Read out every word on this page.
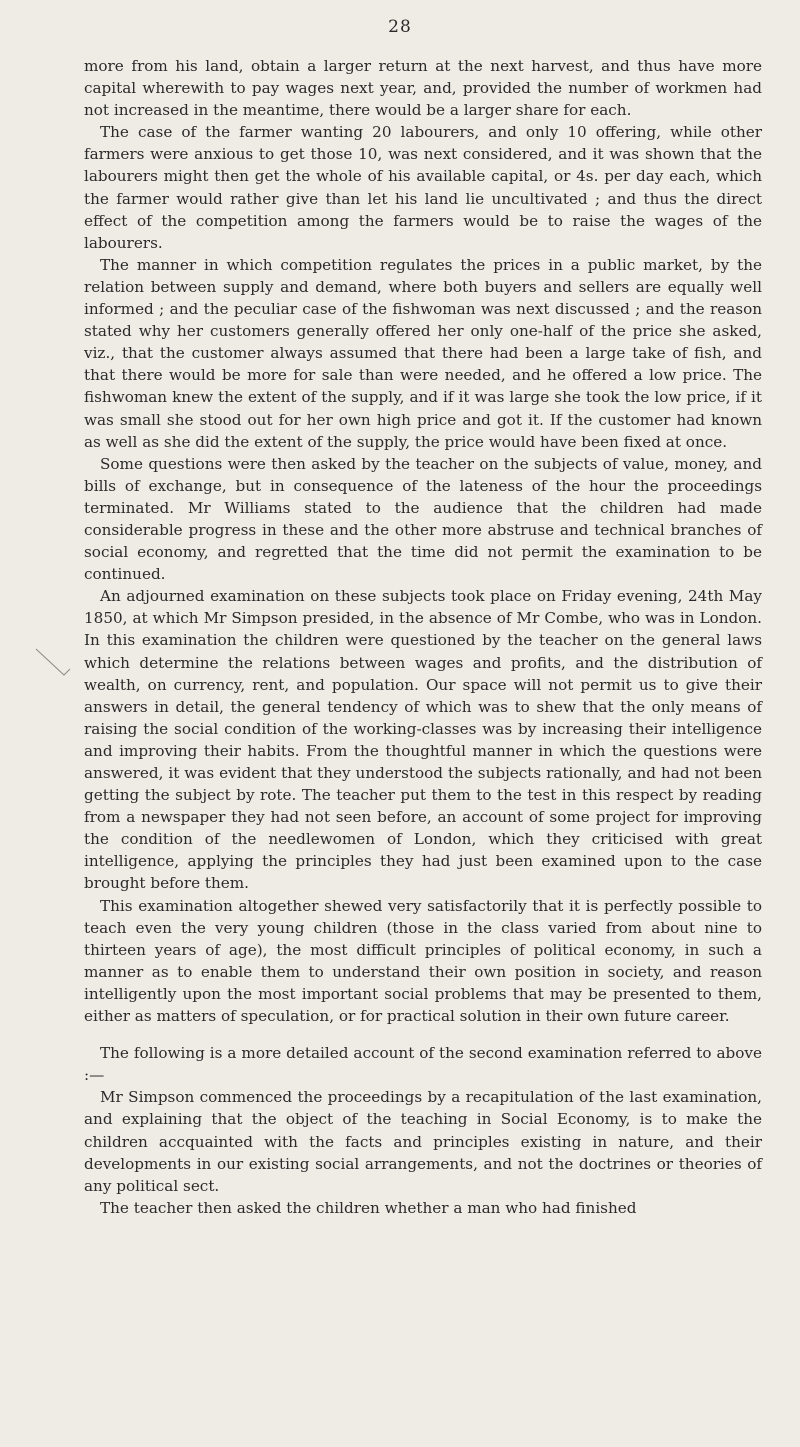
28

more from his land, obtain a larger return at the next harvest, and thus have more capital wherewith to pay wages next year, and, provided the number of workmen had not increased in the meantime, there would be a larger share for each.

The case of the farmer wanting 20 labourers, and only 10 offering, while other farmers were anxious to get those 10, was next considered, and it was shown that the labourers might then get the whole of his available capital, or 4s. per day each, which the farmer would rather give than let his land lie uncultivated ; and thus the direct effect of the competition among the farmers would be to raise the wages of the labourers.

The manner in which competition regulates the prices in a public market, by the relation between supply and demand, where both buyers and sellers are equally well informed ; and the peculiar case of the fishwoman was next discussed ; and the reason stated why her customers generally offered her only one-half of the price she asked, viz., that the customer always assumed that there had been a large take of fish, and that there would be more for sale than were needed, and he offered a low price. The fishwoman knew the extent of the supply, and if it was large she took the low price, if it was small she stood out for her own high price and got it. If the customer had known as well as she did the extent of the supply, the price would have been fixed at once.

Some questions were then asked by the teacher on the subjects of value, money, and bills of exchange, but in consequence of the lateness of the hour the proceedings terminated. Mr Williams stated to the audience that the children had made considerable progress in these and the other more abstruse and technical branches of social economy, and regretted that the time did not permit the examination to be continued.

An adjourned examination on these subjects took place on Friday evening, 24th May 1850, at which Mr Simpson presided, in the absence of Mr Combe, who was in London. In this examination the children were questioned by the teacher on the general laws which determine the relations between wages and profits, and the distribution of wealth, on currency, rent, and population. Our space will not permit us to give their answers in detail, the general tendency of which was to shew that the only means of raising the social condition of the working-classes was by increasing their intelligence and improving their habits. From the thoughtful manner in which the questions were answered, it was evident that they understood the subjects rationally, and had not been getting the subject by rote. The teacher put them to the test in this respect by reading from a newspaper they had not seen before, an account of some project for improving the condition of the needlewomen of London, which they criticised with great intelligence, applying the principles they had just been examined upon to the case brought before them.

This examination altogether shewed very satisfactorily that it is perfectly possible to teach even the very young children (those in the class varied from about nine to thirteen years of age), the most difficult principles of political economy, in such a manner as to enable them to understand their own position in society, and reason intelligently upon the most important social problems that may be presented to them, either as matters of speculation, or for practical solution in their own future career.

The following is a more detailed account of the second examination referred to above :—

Mr Simpson commenced the proceedings by a recapitulation of the last examination, and explaining that the object of the teaching in Social Economy, is to make the children accquainted with the facts and principles existing in nature, and their developments in our existing social arrangements, and not the doctrines or theories of any political sect.

The teacher then asked the children whether a man who had finished
